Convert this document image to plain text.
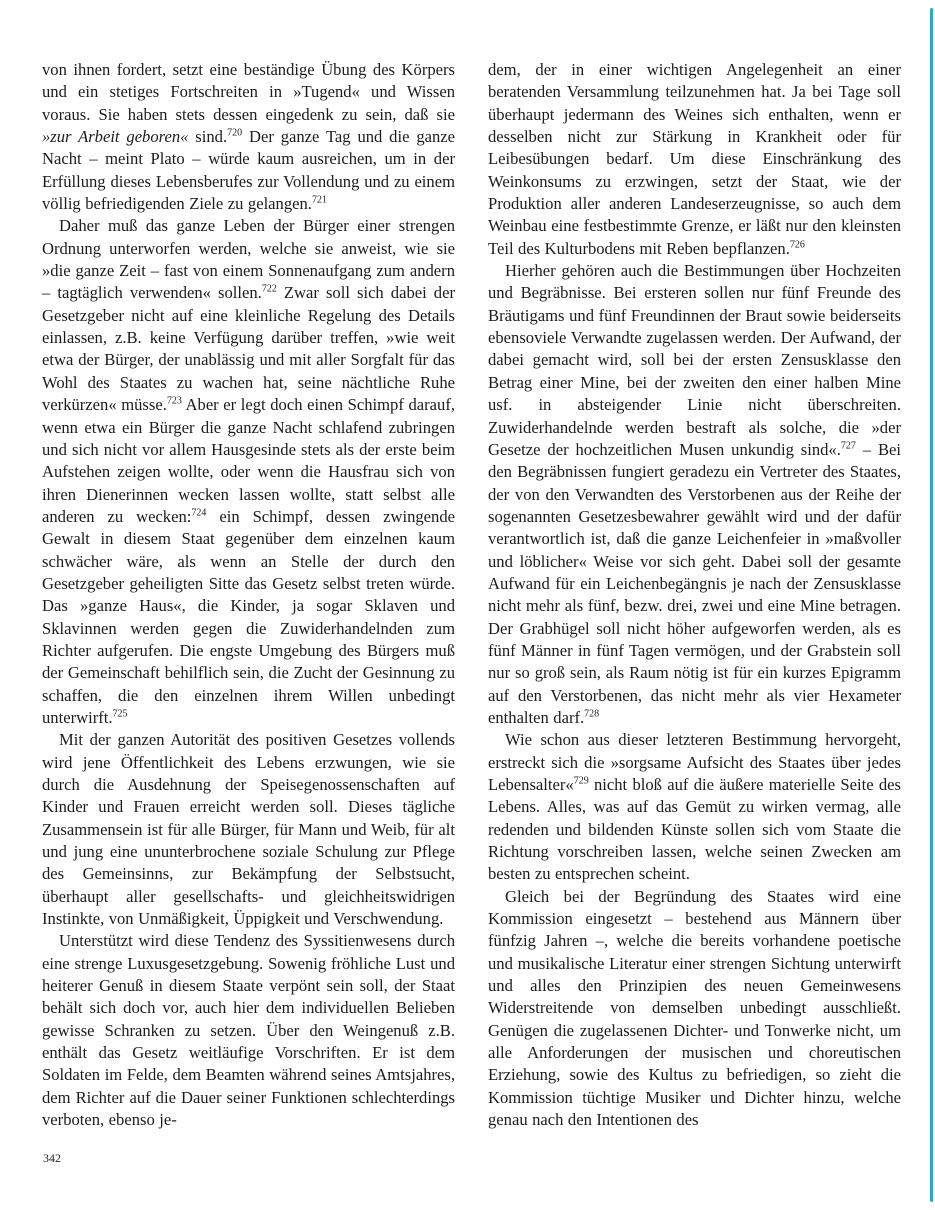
von ihnen fordert, setzt eine beständige Übung des Körpers und ein stetiges Fortschreiten in »Tugend« und Wissen voraus. Sie haben stets dessen eingedenk zu sein, daß sie »zur Arbeit geboren« sind.$^{720}$ Der ganze Tag und die ganze Nacht – meint Plato – würde kaum ausreichen, um in der Erfüllung dieses Lebensberufes zur Vollendung und zu einem völlig befriedigenden Ziele zu gelangen.$^{721}$

Daher muß das ganze Leben der Bürger einer strengen Ordnung unterworfen werden, welche sie anweist, wie sie »die ganze Zeit – fast von einem Sonnenaufgang zum andern – tagtäglich verwenden« sollen.$^{722}$ Zwar soll sich dabei der Gesetzgeber nicht auf eine kleinliche Regelung des Details einlassen, z.B. keine Verfügung darüber treffen, »wie weit etwa der Bürger, der unablässig und mit aller Sorgfalt für das Wohl des Staates zu wachen hat, seine nächtliche Ruhe verkürzen« müsse.$^{723}$ Aber er legt doch einen Schimpf darauf, wenn etwa ein Bürger die ganze Nacht schlafend zubringen und sich nicht vor allem Hausgesinde stets als der erste beim Aufstehen zeigen wollte, oder wenn die Hausfrau sich von ihren Dienerinnen wecken lassen wollte, statt selbst alle anderen zu wecken:$^{724}$ ein Schimpf, dessen zwingende Gewalt in diesem Staat gegenüber dem einzelnen kaum schwächer wäre, als wenn an Stelle der durch den Gesetzgeber geheiligten Sitte das Gesetz selbst treten würde. Das »ganze Haus«, die Kinder, ja sogar Sklaven und Sklavinnen werden gegen die Zuwiderhandelnden zum Richter aufgerufen. Die engste Umgebung des Bürgers muß der Gemeinschaft behilflich sein, die Zucht der Gesinnung zu schaffen, die den einzelnen ihrem Willen unbedingt unterwirft.$^{725}$

Mit der ganzen Autorität des positiven Gesetzes vollends wird jene Öffentlichkeit des Lebens erzwungen, wie sie durch die Ausdehnung der Speisegenossenschaften auf Kinder und Frauen erreicht werden soll. Dieses tägliche Zusammensein ist für alle Bürger, für Mann und Weib, für alt und jung eine ununterbrochene soziale Schulung zur Pflege des Gemeinsinns, zur Bekämpfung der Selbstsucht, überhaupt aller gesellschafts- und gleichheitswidrigen Instinkte, von Unmäßigkeit, Üppigkeit und Verschwendung.

Unterstützt wird diese Tendenz des Syssitienwesens durch eine strenge Luxusgesetzgebung. Sowenig fröhliche Lust und heiterer Genuß in diesem Staate verpönt sein soll, der Staat behält sich doch vor, auch hier dem individuellen Belieben gewisse Schranken zu setzen. Über den Weingenuß z.B. enthält das Gesetz weitläufige Vorschriften. Er ist dem Soldaten im Felde, dem Beamten während seines Amtsjahres, dem Richter auf die Dauer seiner Funktionen schlechterdings verboten, ebenso je-

dem, der in einer wichtigen Angelegenheit an einer beratenden Versammlung teilzunehmen hat. Ja bei Tage soll überhaupt jedermann des Weines sich enthalten, wenn er desselben nicht zur Stärkung in Krankheit oder für Leibesübungen bedarf. Um diese Einschränkung des Weinkonsums zu erzwingen, setzt der Staat, wie der Produktion aller anderen Landeserzeugnisse, so auch dem Weinbau eine festbestimmte Grenze, er läßt nur den kleinsten Teil des Kulturbodens mit Reben bepflanzen.$^{726}$

Hierher gehören auch die Bestimmungen über Hochzeiten und Begräbnisse. Bei ersteren sollen nur fünf Freunde des Bräutigams und fünf Freundinnen der Braut sowie beiderseits ebensoviele Verwandte zugelassen werden. Der Aufwand, der dabei gemacht wird, soll bei der ersten Zensusklasse den Betrag einer Mine, bei der zweiten den einer halben Mine usf. in absteigender Linie nicht überschreiten. Zuwiderhandelnde werden bestraft als solche, die »der Gesetze der hochzeitlichen Musen unkundig sind«.$^{727}$ – Bei den Begräbnissen fungiert geradezu ein Vertreter des Staates, der von den Verwandten des Verstorbenen aus der Reihe der sogenannten Gesetzesbewahrer gewählt wird und der dafür verantwortlich ist, daß die ganze Leichenfeier in »maßvoller und löblicher« Weise vor sich geht. Dabei soll der gesamte Aufwand für ein Leichenbegängnis je nach der Zensusklasse nicht mehr als fünf, bezw. drei, zwei und eine Mine betragen. Der Grabhügel soll nicht höher aufgeworfen werden, als es fünf Männer in fünf Tagen vermögen, und der Grabstein soll nur so groß sein, als Raum nötig ist für ein kurzes Epigramm auf den Verstorbenen, das nicht mehr als vier Hexameter enthalten darf.$^{728}$

Wie schon aus dieser letzteren Bestimmung hervorgeht, erstreckt sich die »sorgsame Aufsicht des Staates über jedes Lebensalter«$^{729}$ nicht bloß auf die äußere materielle Seite des Lebens. Alles, was auf das Gemüt zu wirken vermag, alle redenden und bildenden Künste sollen sich vom Staate die Richtung vorschreiben lassen, welche seinen Zwecken am besten zu entsprechen scheint.

Gleich bei der Begründung des Staates wird eine Kommission eingesetzt – bestehend aus Männern über fünfzig Jahren –, welche die bereits vorhandene poetische und musikalische Literatur einer strengen Sichtung unterwirft und alles den Prinzipien des neuen Gemeinwesens Widerstreitende von demselben unbedingt ausschließt. Genügen die zugelassenen Dichter- und Tonwerke nicht, um alle Anforderungen der musischen und choreutischen Erziehung, sowie des Kultus zu befriedigen, so zieht die Kommission tüchtige Musiker und Dichter hinzu, welche genau nach den Intentionen des

342
